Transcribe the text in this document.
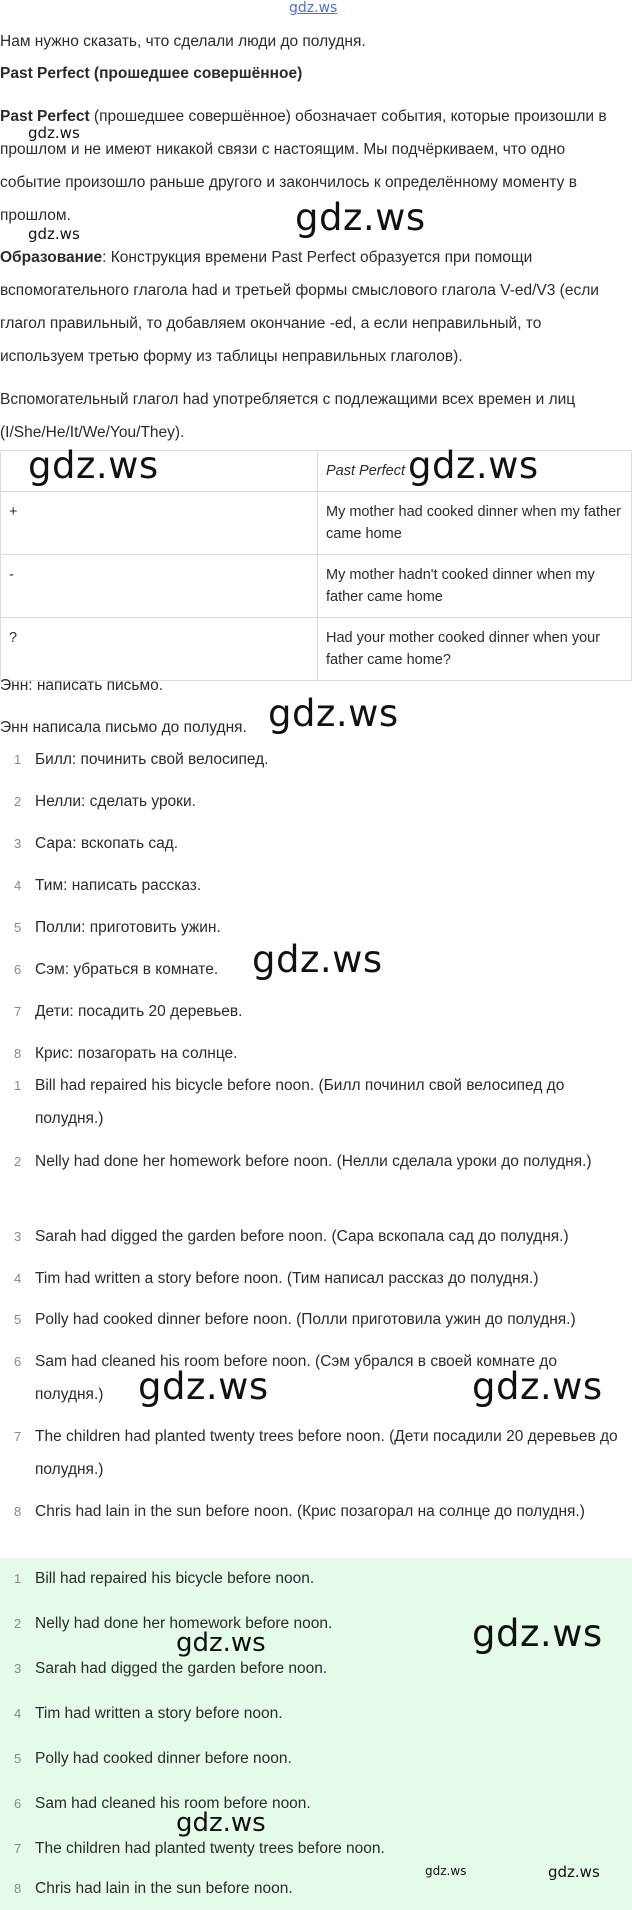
gdz.ws

Нам нужно сказать, что сделали люди до полудня.

Past Perfect (прошедшее совершённое)

Past Perfect (прошедшее совершённое) обозначает события, которые произошли в прошлом и не имеют никакой связи с настоящим. Мы подчёркиваем, что одно событие произошло раньше другого и закончилось к определённому моменту в прошлом.

Образование: Конструкция времени Past Perfect образуется при помощи вспомогательного глагола had и третьей формы смыслового глагола V-ed/V3 (если глагол правильный, то добавляем окончание -ed, а если неправильный, то используем третью форму из таблицы неправильных глаголов).

Вспомогательный глагол had употребляется с подлежащими всех времен и лиц (I/She/He/It/We/You/They).

	Past Perfect
+	My mother had cooked dinner when my father came home
-	My mother hadn't cooked dinner when my father came home
?	Had your mother cooked dinner when your father came home?

Энн: написать письмо.

Энн написала письмо до полудня.

1 Билл: починить свой велосипед.
2 Нелли: сделать уроки.
3 Сара: вскопать сад.
4 Тим: написать рассказ.
5 Полли: приготовить ужин.
6 Сэм: убраться в комнате.
7 Дети: посадить 20 деревьев.
8 Крис: позагорать на солнце.
1 Bill had repaired his bicycle before noon. (Билл починил свой велосипед до полудня.)
2 Nelly had done her homework before noon. (Нелли сделала уроки до полудня.)
3 Sarah had digged the garden before noon. (Сара вскопала сад до полудня.)
4 Tim had written a story before noon. (Тим написал рассказ до полудня.)
5 Polly had cooked dinner before noon. (Полли приготовила ужин до полудня.)
6 Sam had cleaned his room before noon. (Сэм убрался в своей комнате до полудня.)
7 The children had planted twenty trees before noon. (Дети посадили 20 деревьев до полудня.)
8 Chris had lain in the sun before noon. (Крис позагорал на солнце до полудня.)
1 Bill had repaired his bicycle before noon.
2 Nelly had done her homework before noon.
3 Sarah had digged the garden before noon.
4 Tim had written a story before noon.
5 Polly had cooked dinner before noon.
6 Sam had cleaned his room before noon.
7 The children had planted twenty trees before noon.
8 Chris had lain in the sun before noon.
gdz.ws
gdz.ws	gdz.ws
gdz.ws	gdz.ws
gdz.ws
gdz.ws
gdz.ws	gdz.ws
gdz.ws
gdz.ws
gdz.ws
gdz.ws	gdz.ws
